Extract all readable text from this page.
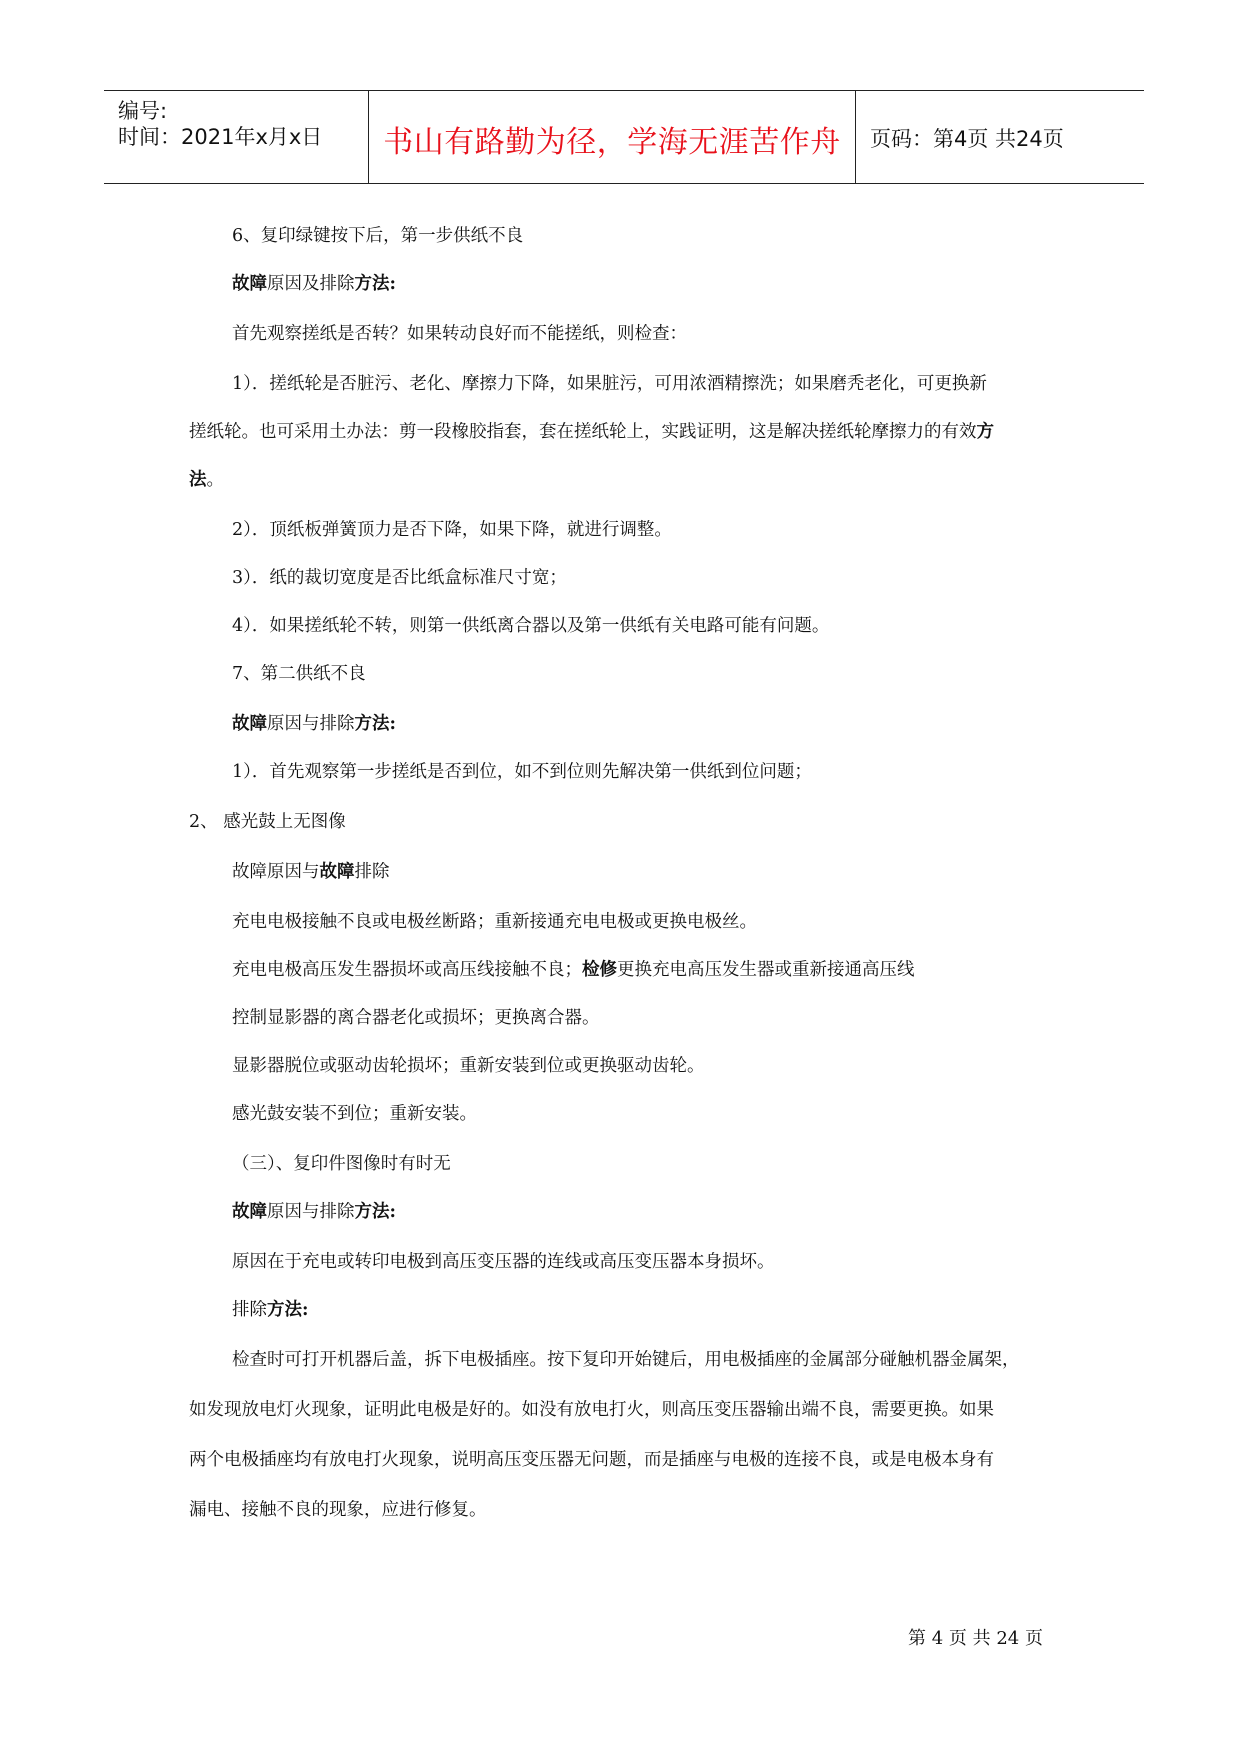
编号:
时间：2021年x月x日	书山有路勤为径，学海无涯苦作舟	页码：第4页 共24页
6、复印绿键按下后，第一步供纸不良
故障原因及排除方法:
首先观察搓纸是否转？如果转动良好而不能搓纸，则检查：
1）．搓纸轮是否脏污、老化、摩擦力下降，如果脏污，可用浓酒精擦洗；如果磨秃老化，可更换新
搓纸轮。也可采用土办法：剪一段橡胶指套，套在搓纸轮上，实践证明，这是解决搓纸轮摩擦力的有效方
法。
2）．顶纸板弹簧顶力是否下降，如果下降，就进行调整。
3）．纸的裁切宽度是否比纸盒标准尺寸宽；
4）．如果搓纸轮不转，则第一供纸离合器以及第一供纸有关电路可能有问题。
7、第二供纸不良
故障原因与排除方法:
1）．首先观察第一步搓纸是否到位，如不到位则先解决第一供纸到位问题；
2、 感光鼓上无图像
故障原因与故障排除
充电电极接触不良或电极丝断路；重新接通充电电极或更换电极丝。
充电电极高压发生器损坏或高压线接触不良；检修更换充电高压发生器或重新接通高压线
控制显影器的离合器老化或损坏；更换离合器。
显影器脱位或驱动齿轮损坏；重新安装到位或更换驱动齿轮。
感光鼓安装不到位；重新安装。
（三）、复印件图像时有时无
故障原因与排除方法:
原因在于充电或转印电极到高压变压器的连线或高压变压器本身损坏。
排除方法:
检查时可打开机器后盖，拆下电极插座。按下复印开始键后，用电极插座的金属部分碰触机器金属架，
如发现放电灯火现象，证明此电极是好的。如没有放电打火，则高压变压器输出端不良，需要更换。如果
两个电极插座均有放电打火现象，说明高压变压器无问题，而是插座与电极的连接不良，或是电极本身有
漏电、接触不良的现象，应进行修复。
第 4 页 共 24 页
